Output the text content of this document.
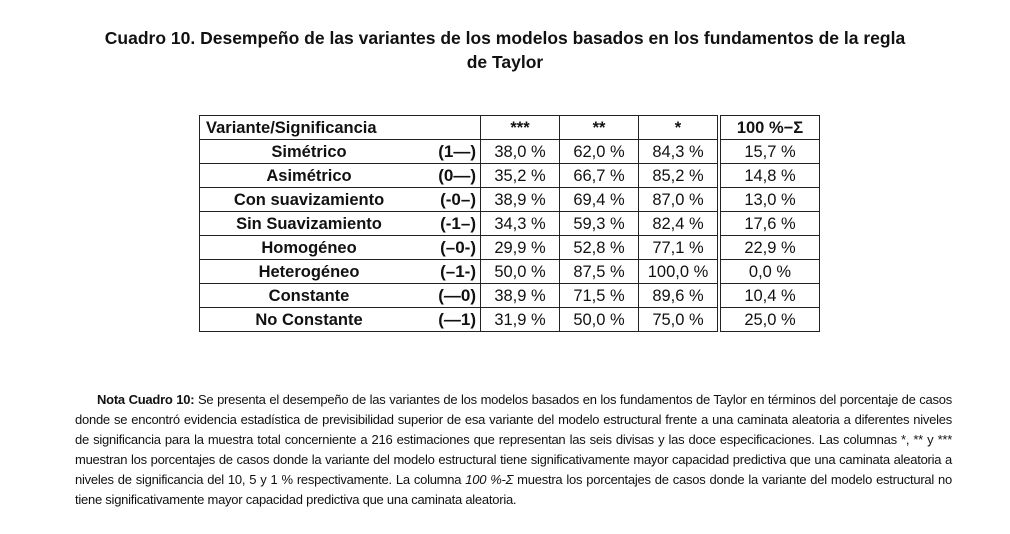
Cuadro 10. Desempeño de las variantes de los modelos basados en los fundamentos de la regla
de Taylor
Variante/Significancia		***	**	*	100 %−Σ
Simétrico	(1—)	38,0 %	62,0 %	84,3 %	15,7 %
Asimétrico	(0—)	35,2 %	66,7 %	85,2 %	14,8 %
Con suavizamiento	(-0–)	38,9 %	69,4 %	87,0 %	13,0 %
Sin Suavizamiento	(-1–)	34,3 %	59,3 %	82,4 %	17,6 %
Homogéneo	(–0-)	29,9 %	52,8 %	77,1 %	22,9 %
Heterogéneo	(–1-)	50,0 %	87,5 %	100,0 %	0,0 %
Constante	(—0)	38,9 %	71,5 %	89,6 %	10,4 %
No Constante	(—1)	31,9 %	50,0 %	75,0 %	25,0 %

Nota Cuadro 10: Se presenta el desempeño de las variantes de los modelos basados en los fundamentos de Taylor en términos del porcentaje de casos donde se encontró evidencia estadística de previsibilidad superior de esa variante del modelo estructural frente a una caminata aleatoria a diferentes niveles de significancia para la muestra total concerniente a 216 estimaciones que representan las seis divisas y las doce especificaciones. Las columnas *, ** y *** muestran los porcentajes de casos donde la variante del modelo estructural tiene significativamente mayor capacidad predictiva que una caminata aleatoria a niveles de significancia del 10, 5 y 1 % respectivamente. La columna 100 %-Σ muestra los porcentajes de casos donde la variante del modelo estructural no tiene significativamente mayor capacidad predictiva que una caminata aleatoria.
